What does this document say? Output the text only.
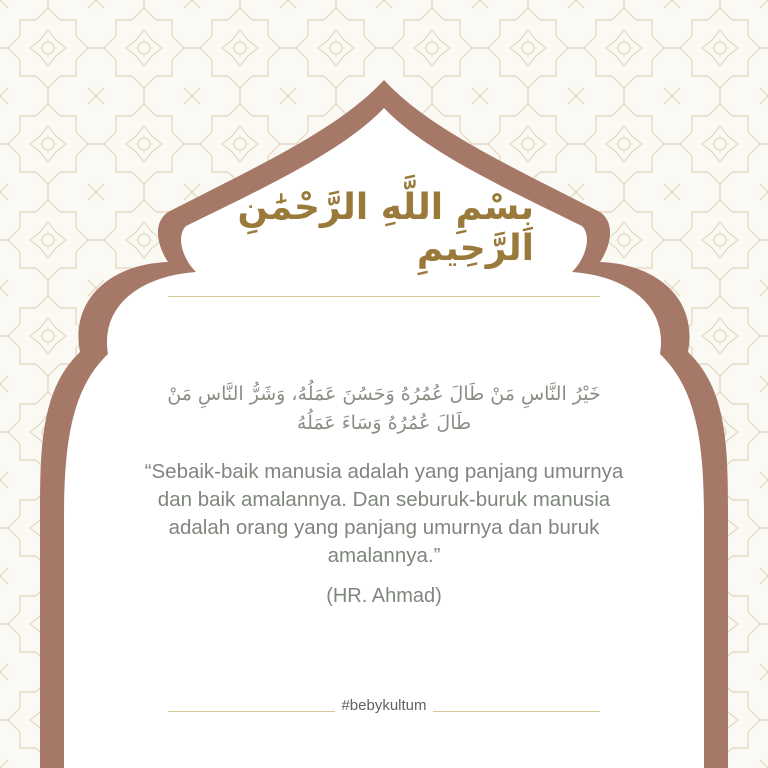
بِسْمِ اللَّهِ الرَّحْمَٰنِ الرَّحِيمِ
خَيْرُ النَّاسِ مَنْ طَالَ عُمُرُهُ وَحَسُنَ عَمَلُهُ، وَشَرُّ النَّاسِ مَنْ طَالَ عُمُرُهُ وَسَاءَ عَمَلُهُ
“Sebaik-baik manusia adalah yang panjang umurnya dan baik amalannya. Dan seburuk-buruk manusia adalah orang yang panjang umurnya dan buruk amalannya.”
(HR. Ahmad)
#bebykultum
